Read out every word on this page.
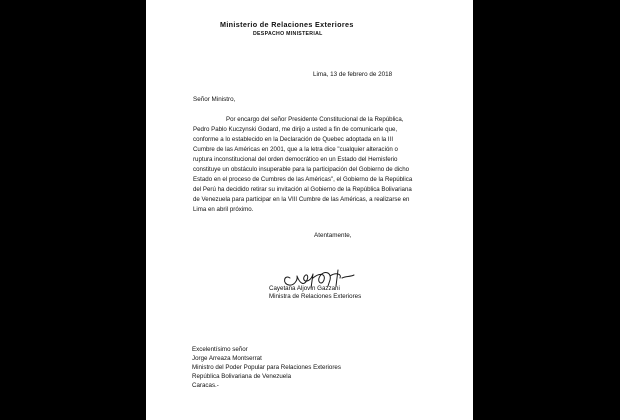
Ministerio de Relaciones Exteriores
DESPACHO MINISTERIAL
Lima, 13 de febrero de 2018
Señor Ministro,
Por encargo del señor Presidente Constitucional de la República,
Pedro Pablo Kuczynski Godard, me dirijo a usted a fin de comunicarle que,
conforme a lo establecido en la Declaración de Quebec adoptada en la III
Cumbre de las Américas en 2001, que a la letra dice "cualquier alteración o
ruptura inconstitucional del orden democrático en un Estado del Hemisferio
constituye un obstáculo insuperable para la participación del Gobierno de dicho
Estado en el proceso de Cumbres de las Américas", el Gobierno de la República
del Perú ha decidido retirar su invitación al Gobierno de la República Bolivariana
de Venezuela para participar en la VIII Cumbre de las Américas, a realizarse en
Lima en abril próximo.
Atentamente,
Cayetana Aljovín Gazzani
Ministra de Relaciones Exteriores
Excelentísimo señor
Jorge Arreaza Montserrat
Ministro del Poder Popular para Relaciones Exteriores
República Bolivariana de Venezuela
Caracas.-
